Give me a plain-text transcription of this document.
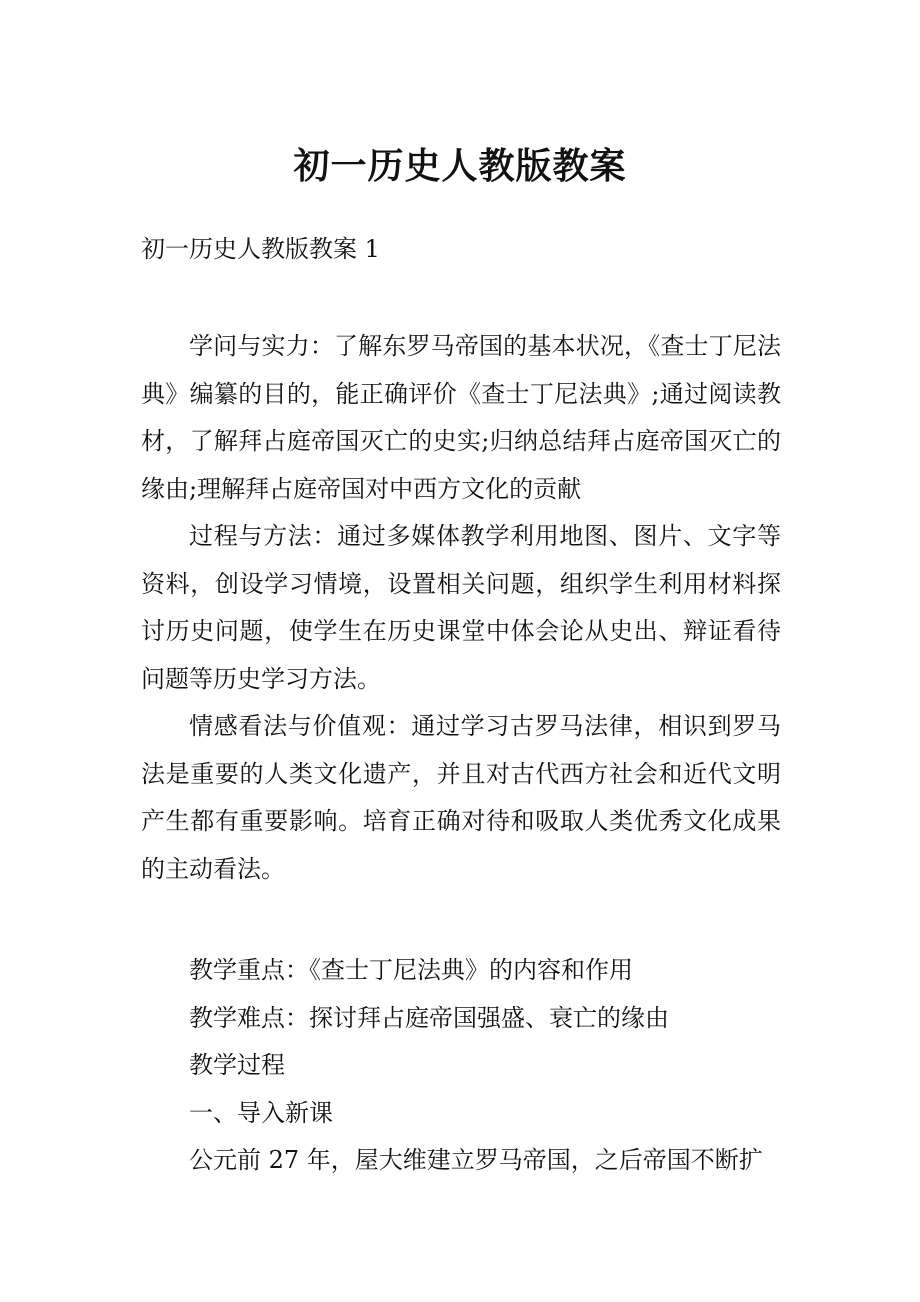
初一历史人教版教案

初一历史人教版教案 1

学问与实力：了解东罗马帝国的基本状况，《查士丁尼法典》编纂的目的，能正确评价《查士丁尼法典》;通过阅读教材，了解拜占庭帝国灭亡的史实;归纳总结拜占庭帝国灭亡的缘由;理解拜占庭帝国对中西方文化的贡献

过程与方法：通过多媒体教学利用地图、图片、文字等资料，创设学习情境，设置相关问题，组织学生利用材料探讨历史问题，使学生在历史课堂中体会论从史出、辩证看待问题等历史学习方法。

情感看法与价值观：通过学习古罗马法律，相识到罗马法是重要的人类文化遗产，并且对古代西方社会和近代文明产生都有重要影响。培育正确对待和吸取人类优秀文化成果的主动看法。

教学重点：《查士丁尼法典》的内容和作用

教学难点：探讨拜占庭帝国强盛、衰亡的缘由

教学过程

一、导入新课

公元前 27 年，屋大维建立罗马帝国，之后帝国不断扩
